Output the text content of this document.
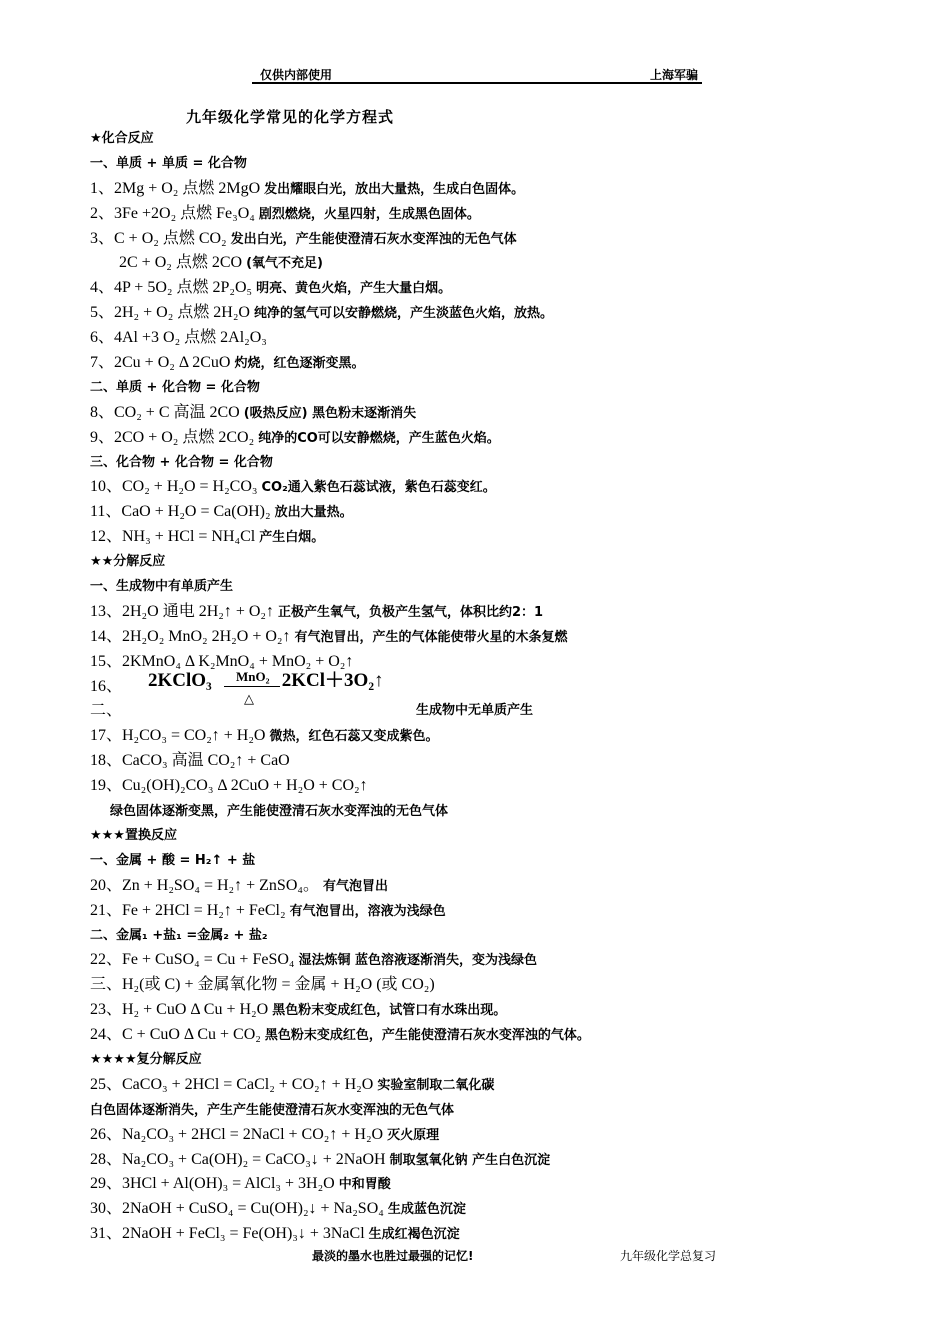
仅供内部使用	上海军骗
九年级化学常见的化学方程式
★化合反应
一、单质 + 单质 = 化合物
1、2Mg + O₂ 点燃 2MgO 发出耀眼白光，放出大量热，生成白色固体。
2、3Fe +2O₂ 点燃 Fe₃O₄ 剧烈燃烧，火星四射，生成黑色固体。
3、C + O₂ 点燃 CO₂ 发出白光，产生能使澄清石灰水变浑浊的无色气体
2C + O₂ 点燃 2CO (氧气不充足)
4、4P + 5O₂ 点燃 2P₂O₅ 明亮、黄色火焰，产生大量白烟。
5、2H₂ + O₂ 点燃 2H₂O 纯净的氢气可以安静燃烧，产生淡蓝色火焰，放热。
6、4Al +3 O₂ 点燃 2Al₂O₃
7、2Cu + O₂ Δ 2CuO 灼烧，红色逐渐变黑。
二、单质 + 化合物 = 化合物
8、CO₂ + C 高温 2CO (吸热反应) 黑色粉末逐渐消失
9、2CO + O₂ 点燃 2CO₂ 纯净的CO可以安静燃烧，产生蓝色火焰。
三、化合物 + 化合物 = 化合物
10、CO₂ + H₂O = H₂CO₃ CO₂通入紫色石蕊试液，紫色石蕊变红。
11、CaO + H₂O = Ca(OH)₂ 放出大量热。
12、NH₃ + HCl = NH₄Cl 产生白烟。
★★分解反应
一、生成物中有单质产生
13、2H₂O 通电 2H₂↑ + O₂↑ 正极产生氧气，负极产生氢气，体积比约2：1
14、2H₂O₂ MnO₂ 2H₂O + O₂↑ 有气泡冒出，产生的气体能使带火星的木条复燃
15、2KMnO₄ Δ K₂MnO₄ + MnO₂ + O₂↑
16、 2KClO₃	2KCl＋3O₂↑
MnO₂
△
二、	生成物中无单质产生
17、H₂CO₃ = CO₂↑ + H₂O 微热，红色石蕊又变成紫色。
18、CaCO₃ 高温 CO₂↑ + CaO
19、Cu₂(OH)₂CO₃ Δ 2CuO + H₂O + CO₂↑
绿色固体逐渐变黑，产生能使澄清石灰水变浑浊的无色气体
★★★置换反应
一、金属 + 酸 = H₂↑ + 盐
20、Zn + H₂SO₄ = H₂↑ + ZnSO₄。 有气泡冒出
21、Fe + 2HCl = H₂↑ + FeCl₂ 有气泡冒出，溶液为浅绿色
二、金属₁ +盐₁ =金属₂ + 盐₂
22、Fe + CuSO₄ = Cu + FeSO₄ 湿法炼铜 蓝色溶液逐渐消失，变为浅绿色
三、H₂(或 C) + 金属氧化物 = 金属 + H₂O (或 CO₂)
23、H₂ + CuO Δ Cu + H₂O 黑色粉末变成红色，试管口有水珠出现。
24、C + CuO Δ Cu + CO₂ 黑色粉末变成红色，产生能使澄清石灰水变浑浊的气体。
★★★★复分解反应
25、CaCO₃ + 2HCl = CaCl₂ + CO₂↑ + H₂O 实验室制取二氧化碳
白色固体逐渐消失，产生产生能使澄清石灰水变浑浊的无色气体
26、Na₂CO₃ + 2HCl = 2NaCl + CO₂↑ + H₂O 灭火原理
28、Na₂CO₃ + Ca(OH)₂ = CaCO₃↓ + 2NaOH 制取氢氧化钠 产生白色沉淀
29、3HCl + Al(OH)₃ = AlCl₃ + 3H₂O 中和胃酸
30、2NaOH + CuSO₄ = Cu(OH)₂↓ + Na₂SO₄ 生成蓝色沉淀
31、2NaOH + FeCl₃ = Fe(OH)₃↓ + 3NaCl 生成红褐色沉淀
最淡的墨水也胜过最强的记忆!	九年级化学总复习
